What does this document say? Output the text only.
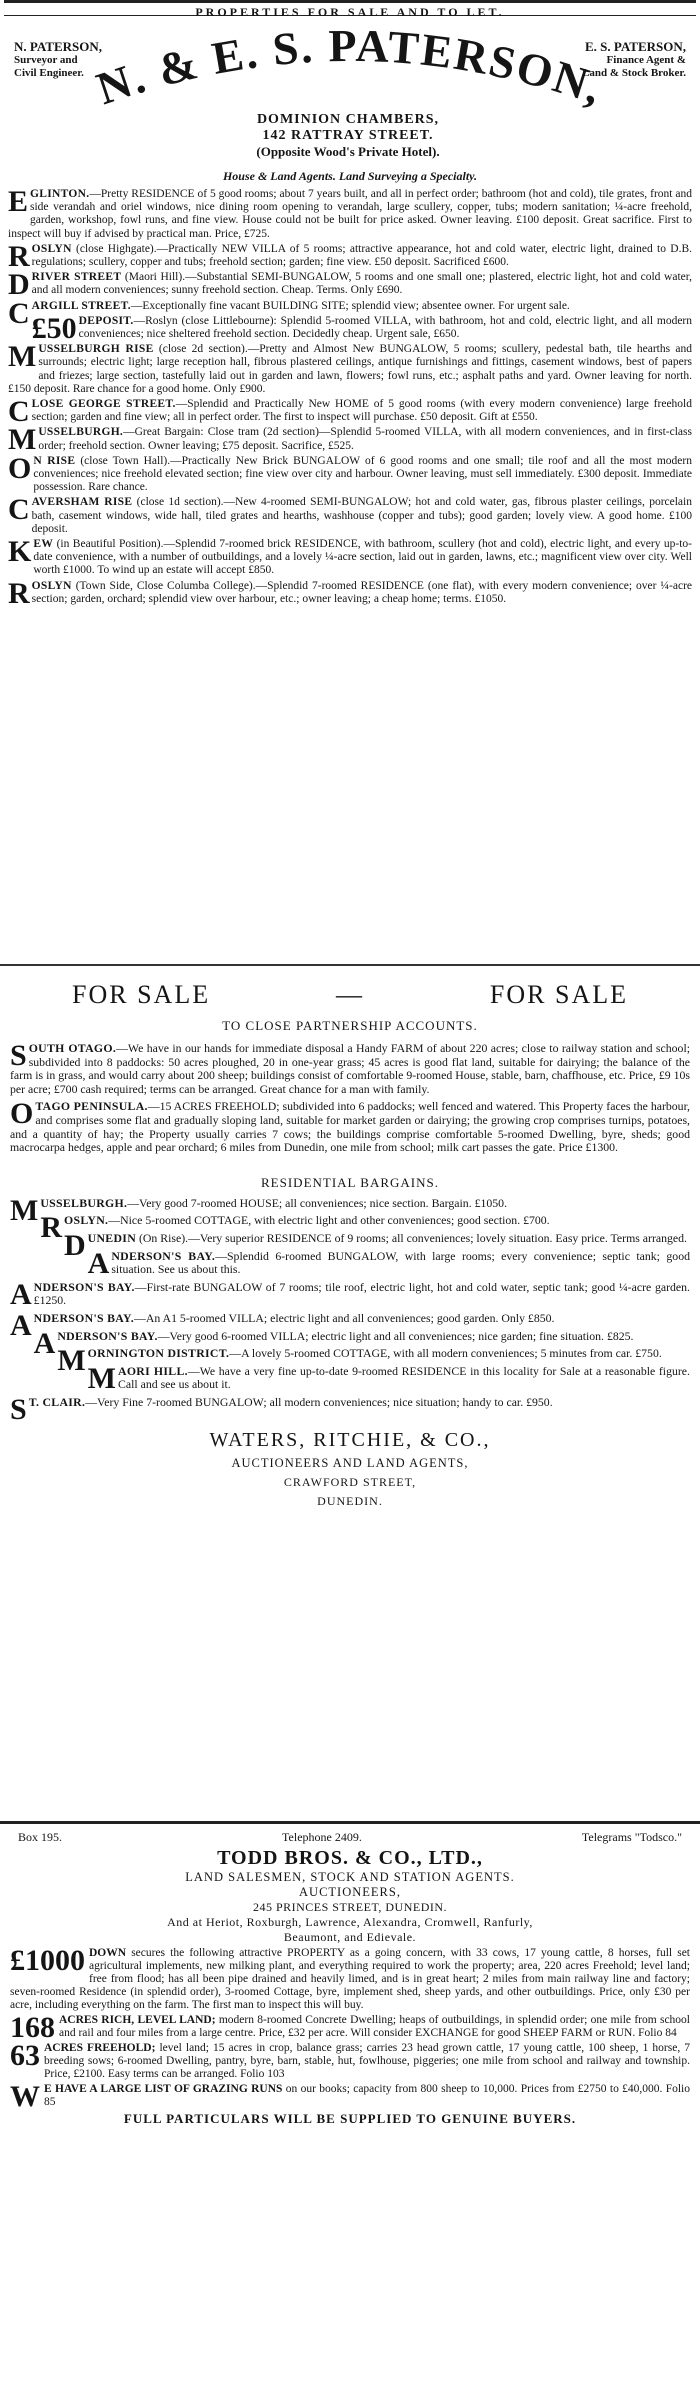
PROPERTIES FOR SALE AND TO LET.
N. & E. S. PATERSON,
N. PATERSON,
Surveyor and
Civil Engineer.
E. S. PATERSON,
Finance Agent &
Land & Stock Broker.
DOMINION CHAMBERS,
142 RATTRAY STREET.
(Opposite Wood's Private Hotel).
House & Land Agents. Land Surveying a Specialty.

EGLINTON.—Pretty RESIDENCE of 5 good rooms; about 7 years built, and all in perfect order; bathroom (hot and cold), tile grates, front and side verandah and oriel windows, nice dining room opening to verandah, large scullery, copper, tubs; modern sanitation; ¼-acre freehold, garden, workshop, fowl runs, and fine view. House could not be built for price asked. Owner leaving. £100 deposit. Great sacrifice. First to inspect will buy if advised by practical man. Price, £725.

ROSLYN (close Highgate).—Practically NEW VILLA of 5 rooms; attractive appearance, hot and cold water, electric light, drained to D.B. regulations; scullery, copper and tubs; freehold section; garden; fine view. £50 deposit. Sacrificed £600.

DRIVER STREET (Maori Hill).—Substantial SEMI-BUNGALOW, 5 rooms and one small one; plastered, electric light, hot and cold water, and all modern conveniences; sunny freehold section. Cheap. Terms. Only £690.

CARGILL STREET.—Exceptionally fine vacant BUILDING SITE; splendid view; absentee owner. For urgent sale.

£50 DEPOSIT.—Roslyn (close Littlebourne): Splendid 5-roomed VILLA, with bathroom, hot and cold, electric light, and all modern conveniences; nice sheltered freehold section. Decidedly cheap. Urgent sale, £650.

MUSSELBURGH RISE (close 2d section).—Pretty and Almost New BUNGALOW, 5 rooms; scullery, pedestal bath, tile hearths and surrounds; electric light; large reception hall, fibrous plastered ceilings, antique furnishings and fittings, casement windows, best of papers and friezes; large section, tastefully laid out in garden and lawn, flowers; fowl runs, etc.; asphalt paths and yard. Owner leaving for north. £150 deposit. Rare chance for a good home. Only £900.

CLOSE GEORGE STREET.—Splendid and Practically New HOME of 5 good rooms (with every modern convenience) large freehold section; garden and fine view; all in perfect order. The first to inspect will purchase. £50 deposit. Gift at £550.

MUSSELBURGH.—Great Bargain: Close tram (2d section)—Splendid 5-roomed VILLA, with all modern conveniences, and in first-class order; freehold section. Owner leaving; £75 deposit. Sacrifice, £525.

O N RISE (close Town Hall).—Practically New Brick BUNGALOW of 6 good rooms and one small; tile roof and all the most modern conveniences; nice freehold elevated section; fine view over city and harbour. Owner leaving, must sell immediately. £300 deposit. Immediate possession. Rare chance.

CAVERSHAM RISE (close 1d section).—New 4-roomed SEMI-BUNGALOW; hot and cold water, gas, fibrous plaster ceilings, porcelain bath, casement windows, wide hall, tiled grates and hearths, washhouse (copper and tubs); good garden; lovely view. A good home. £100 deposit.

KEW (in Beautiful Position).—Splendid 7-roomed brick RESIDENCE, with bathroom, scullery (hot and cold), electric light, and every up-to-date convenience, with a number of outbuildings, and a lovely ¼-acre section, laid out in garden, lawns, etc.; magnificent view over city. Well worth £1000. To wind up an estate will accept £850.

ROSLYN (Town Side, Close Columba College).—Splendid 7-roomed RESIDENCE (one flat), with every modern convenience; over ¼-acre section; garden, orchard; splendid view over harbour, etc.; owner leaving; a cheap home; terms. £1050.

FOR SALE	—	FOR SALE
TO CLOSE PARTNERSHIP ACCOUNTS.

SOUTH OTAGO.—We have in our hands for immediate disposal a Handy FARM of about 220 acres; close to railway station and school; subdivided into 8 paddocks: 50 acres ploughed, 20 in one-year grass; 45 acres is good flat land, suitable for dairying; the balance of the farm is in grass, and would carry about 200 sheep; buildings consist of comfortable 9-roomed House, stable, barn, chaffhouse, etc. Price, £9 10s per acre; £700 cash required; terms can be arranged. Great chance for a man with family.

OTAGO PENINSULA.—15 ACRES FREEHOLD; subdivided into 6 paddocks; well fenced and watered. This Property faces the harbour, and comprises some flat and gradually sloping land, suitable for market garden or dairying; the growing crop comprises turnips, potatoes, and a quantity of hay; the Property usually carries 7 cows; the buildings comprise comfortable 5-roomed Dwelling, byre, sheds; good macrocarpa hedges, apple and pear orchard; 6 miles from Dunedin, one mile from school; milk cart passes the gate. Price £1300.

RESIDENTIAL BARGAINS.

MUSSELBURGH.—Very good 7-roomed HOUSE; all conveniences; nice section. Bargain. £1050.

ROSLYN.—Nice 5-roomed COTTAGE, with electric light and other conveniences; good section. £700.

DUNEDIN (On Rise).—Very superior RESIDENCE of 9 rooms; all conveniences; lovely situation. Easy price. Terms arranged.

ANDERSON'S BAY.—Splendid 6-roomed BUNGALOW, with large rooms; every convenience; septic tank; good situation. See us about this.

ANDERSON'S BAY.—First-rate BUNGALOW of 7 rooms; tile roof, electric light, hot and cold water, septic tank; good ¼-acre garden. £1250.

ANDERSON'S BAY.—An A1 5-roomed VILLA; electric light and all conveniences; good garden. Only £850.

ANDERSON'S BAY.—Very good 6-roomed VILLA; electric light and all conveniences; nice garden; fine situation. £825.

MORNINGTON DISTRICT.—A lovely 5-roomed COTTAGE, with all modern conveniences; 5 minutes from car. £750.

MAORI HILL.—We have a very fine up-to-date 9-roomed RESIDENCE in this locality for Sale at a reasonable figure. Call and see us about it.

S T. CLAIR.—Very Fine 7-roomed BUNGALOW; all modern conveniences; nice situation; handy to car. £950.

WATERS, RITCHIE, & CO.,
AUCTIONEERS AND LAND AGENTS,
CRAWFORD STREET,
DUNEDIN.
Box 195.	Telephone 2409.	Telegrams "Todsco."
TODD BROS. & CO., LTD.,
LAND SALESMEN, STOCK AND STATION AGENTS.
AUCTIONEERS,
245 PRINCES STREET, DUNEDIN.
And at Heriot, Roxburgh, Lawrence, Alexandra, Cromwell, Ranfurly,
Beaumont, and Edievale.

£1000 DOWN secures the following attractive PROPERTY as a going concern, with 33 cows, 17 young cattle, 8 horses, full set agricultural implements, new milking plant, and everything required to work the property; area, 220 acres Freehold; level land; free from flood; has all been pipe drained and heavily limed, and is in great heart; 2 miles from main railway line and factory; seven-roomed Residence (in splendid order), 3-roomed Cottage, byre, implement shed, sheep yards, and other outbuildings. Price, only £30 per acre, including everything on the farm. The first man to inspect this will buy.

168 ACRES RICH, LEVEL LAND; modern 8-roomed Concrete Dwelling; heaps of outbuildings, in splendid order; one mile from school and rail and four miles from a large centre. Price, £32 per acre. Will consider EXCHANGE for good SHEEP FARM or RUN. Folio 84

63 ACRES FREEHOLD; level land; 15 acres in crop, balance grass; carries 23 head grown cattle, 17 young cattle, 100 sheep, 1 horse, 7 breeding sows; 6-roomed Dwelling, pantry, byre, barn, stable, hut, fowlhouse, piggeries; one mile from school and railway and township. Price, £2100. Easy terms can be arranged. Folio 103

W E HAVE A LARGE LIST OF GRAZING RUNS on our books; capacity from 800 sheep to 10,000. Prices from £2750 to £40,000. Folio 85

FULL PARTICULARS WILL BE SUPPLIED TO GENUINE BUYERS.
